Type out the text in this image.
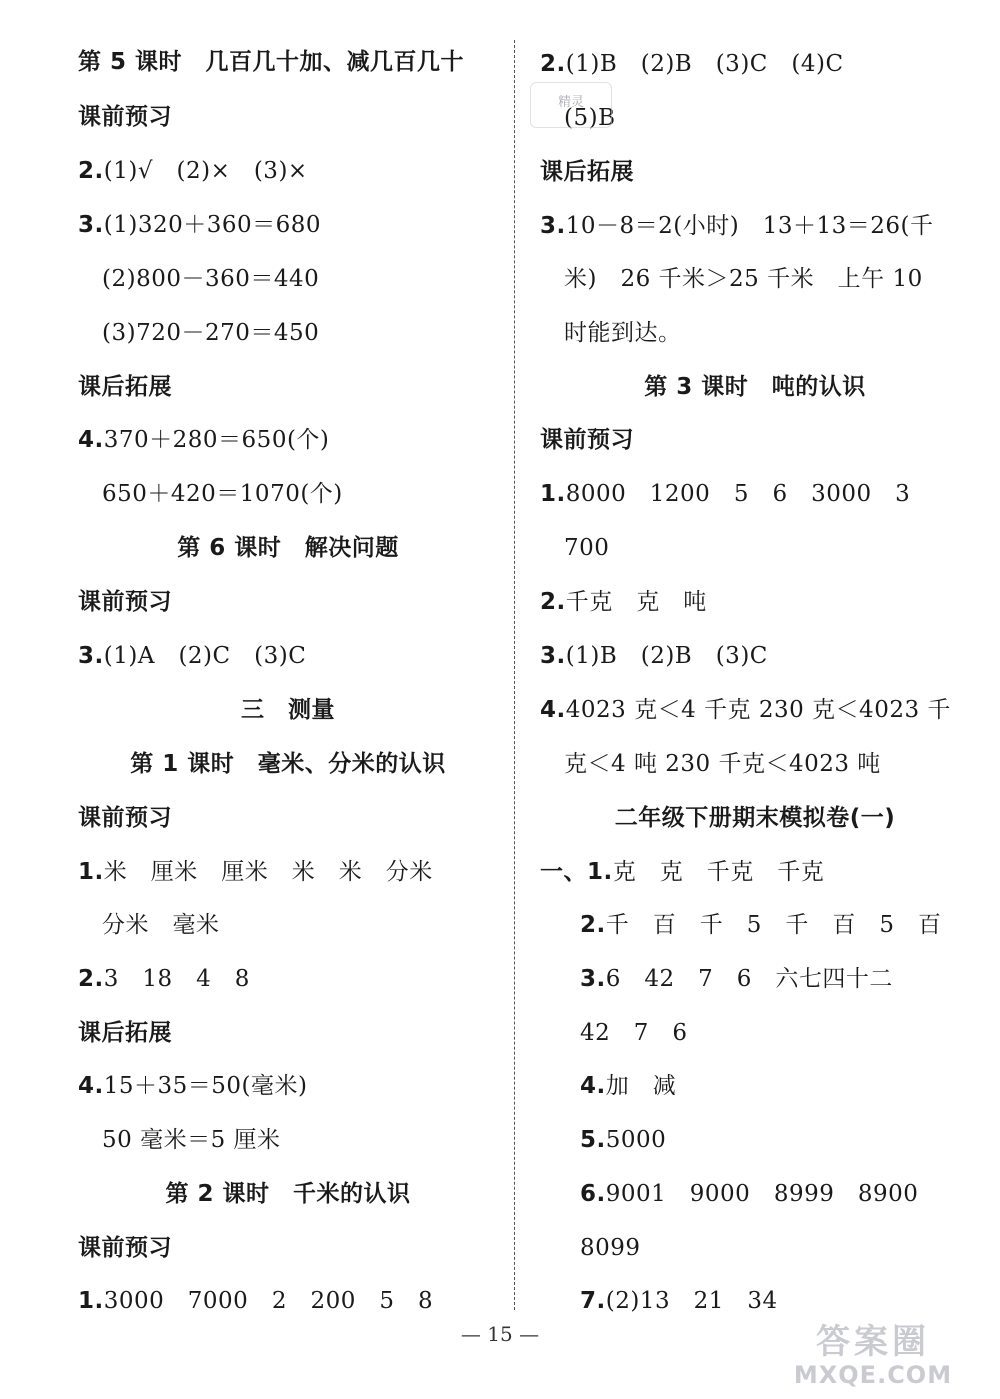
第 5 课时　 几百几十加、减几百几十
课前预习
2.(1)√　(2)×　(3)×
3.(1)320＋360＝680
(2)800－360＝440
(3)720－270＝450
课后拓展
4.370＋280＝650(个)
650＋420＝1070(个)
第 6 课时　 解决问题
课前预习
3.(1)A　(2)C　(3)C
三　测量
第 1 课时　 毫米、分米的认识
课前预习
1.米　厘米　厘米　米　米　分米
分米　毫米
2.3　18　4　8
课后拓展
4.15＋35＝50(毫米)
50 毫米＝5 厘米
第 2 课时　 千米的认识
课前预习
1.3000　7000　2　200　5　8
2.(1)B　(2)B　(3)C　(4)C
(5)B
课后拓展
3.10－8＝2(小时)　13＋13＝26(千
米)　26 千米＞25 千米　上午 10
时能到达。
第 3 课时　 吨的认识
课前预习
1.8000　1200　5　6　3000　3
700
2.千克　克　吨
3.(1)B　(2)B　(3)C
4.4023 克＜4 千克 230 克＜4023 千
克＜4 吨 230 千克＜4023 吨
二年级下册期末模拟卷(一)
一、1.克　克　千克　千克
2.千　百　千　5　千　百　5　百
3.6　42　7　6　六七四十二
42　7　6
4.加　减
5.5000
6.9001　9000　8999　8900
8099
7.(2)13　21　34
精灵
— 15 —	答案圈
MXQE.COM
